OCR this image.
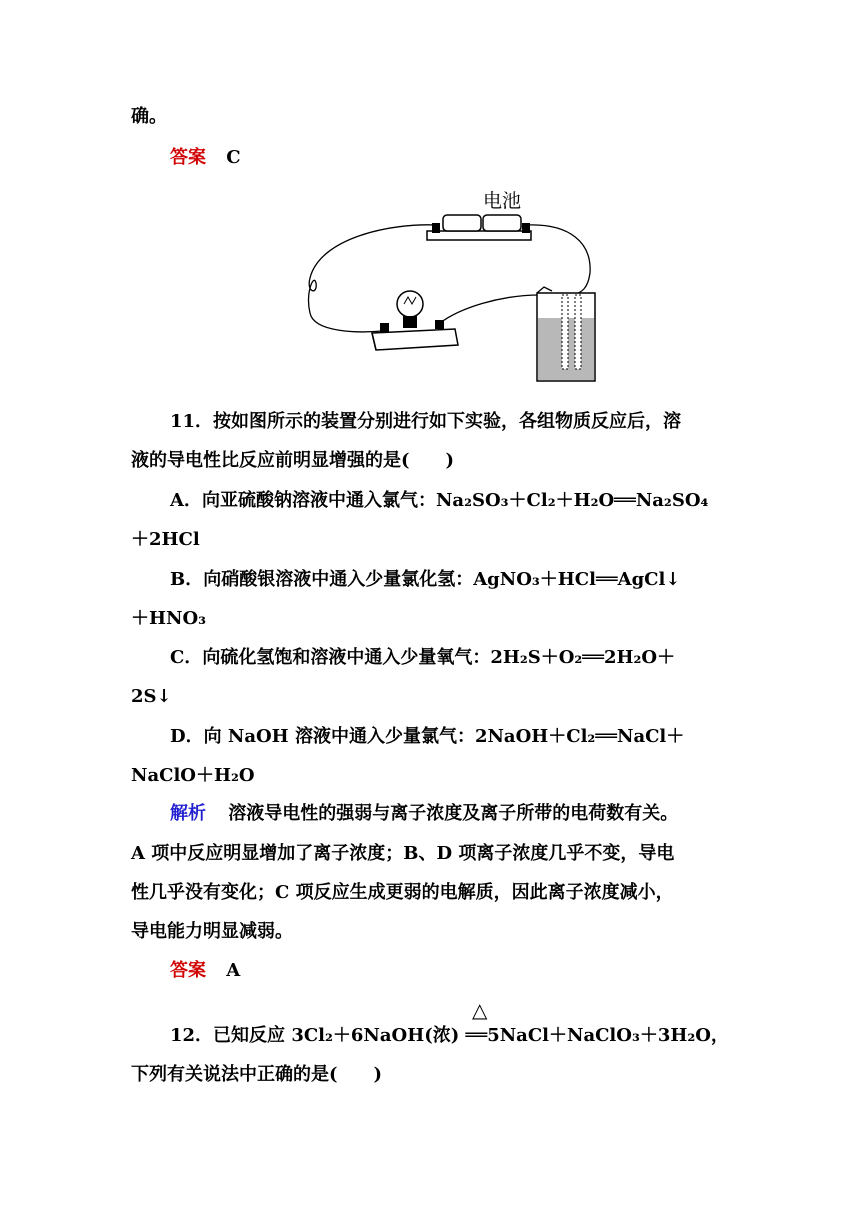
确。
答案 C
电池
11．按如图所示的装置分别进行如下实验，各组物质反应后，溶
液的导电性比反应前明显增强的是(　　)
A．向亚硫酸钠溶液中通入氯气：Na₂SO₃＋Cl₂＋H₂O══Na₂SO₄
＋2HCl
B．向硝酸银溶液中通入少量氯化氢：AgNO₃＋HCl══AgCl↓
＋HNO₃
C．向硫化氢饱和溶液中通入少量氧气：2H₂S＋O₂══2H₂O＋
2S↓
D．向 NaOH 溶液中通入少量氯气：2NaOH＋Cl₂══NaCl＋
NaClO＋H₂O
解析 溶液导电性的强弱与离子浓度及离子所带的电荷数有关。
A 项中反应明显增加了离子浓度；B、D 项离子浓度几乎不变，导电
性几乎没有变化；C 项反应生成更弱的电解质，因此离子浓度减小，
导电能力明显减弱。
答案 A
△
12．已知反应 3Cl₂＋6NaOH(浓) ══5NaCl＋NaClO₃＋3H₂O，
下列有关说法中正确的是(　　)
